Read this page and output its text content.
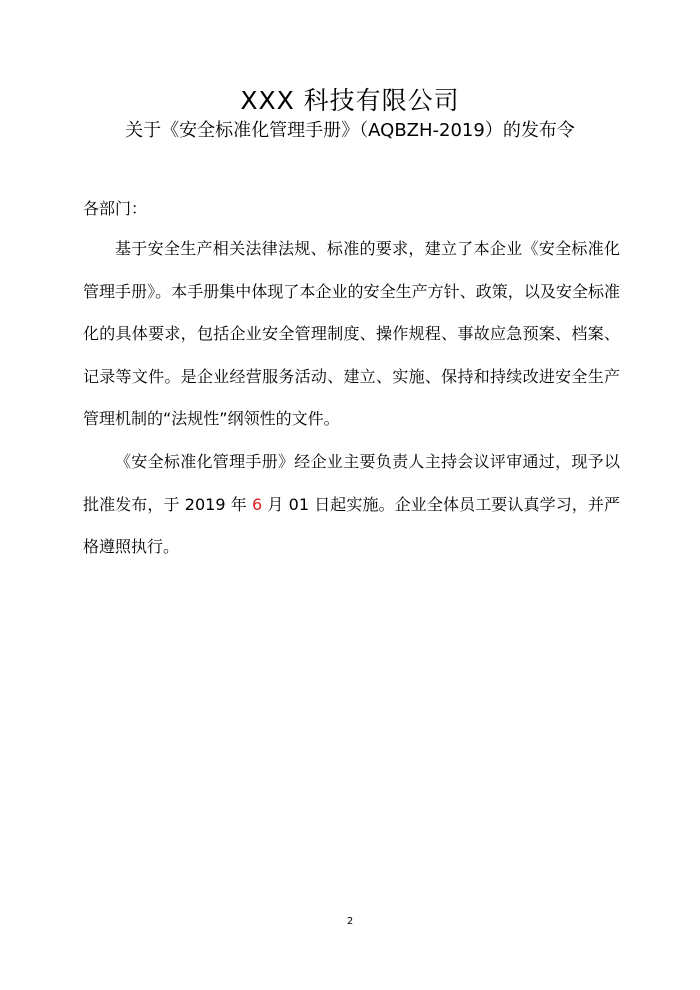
XXX 科技有限公司
关于《安全标准化管理手册》（AQBZH-2019）的发布令
各部门：

基于安全生产相关法律法规、标准的要求，建立了本企业《安全标准化管理手册》。本手册集中体现了本企业的安全生产方针、政策，以及安全标准化的具体要求，包括企业安全管理制度、操作规程、事故应急预案、档案、记录等文件。是企业经营服务活动、建立、实施、保持和持续改进安全生产管理机制的“法规性”纲领性的文件。

《安全标准化管理手册》经企业主要负责人主持会议评审通过，现予以批准发布，于 2019 年 6 月 01 日起实施。企业全体员工要认真学习，并严格遵照执行。

2
